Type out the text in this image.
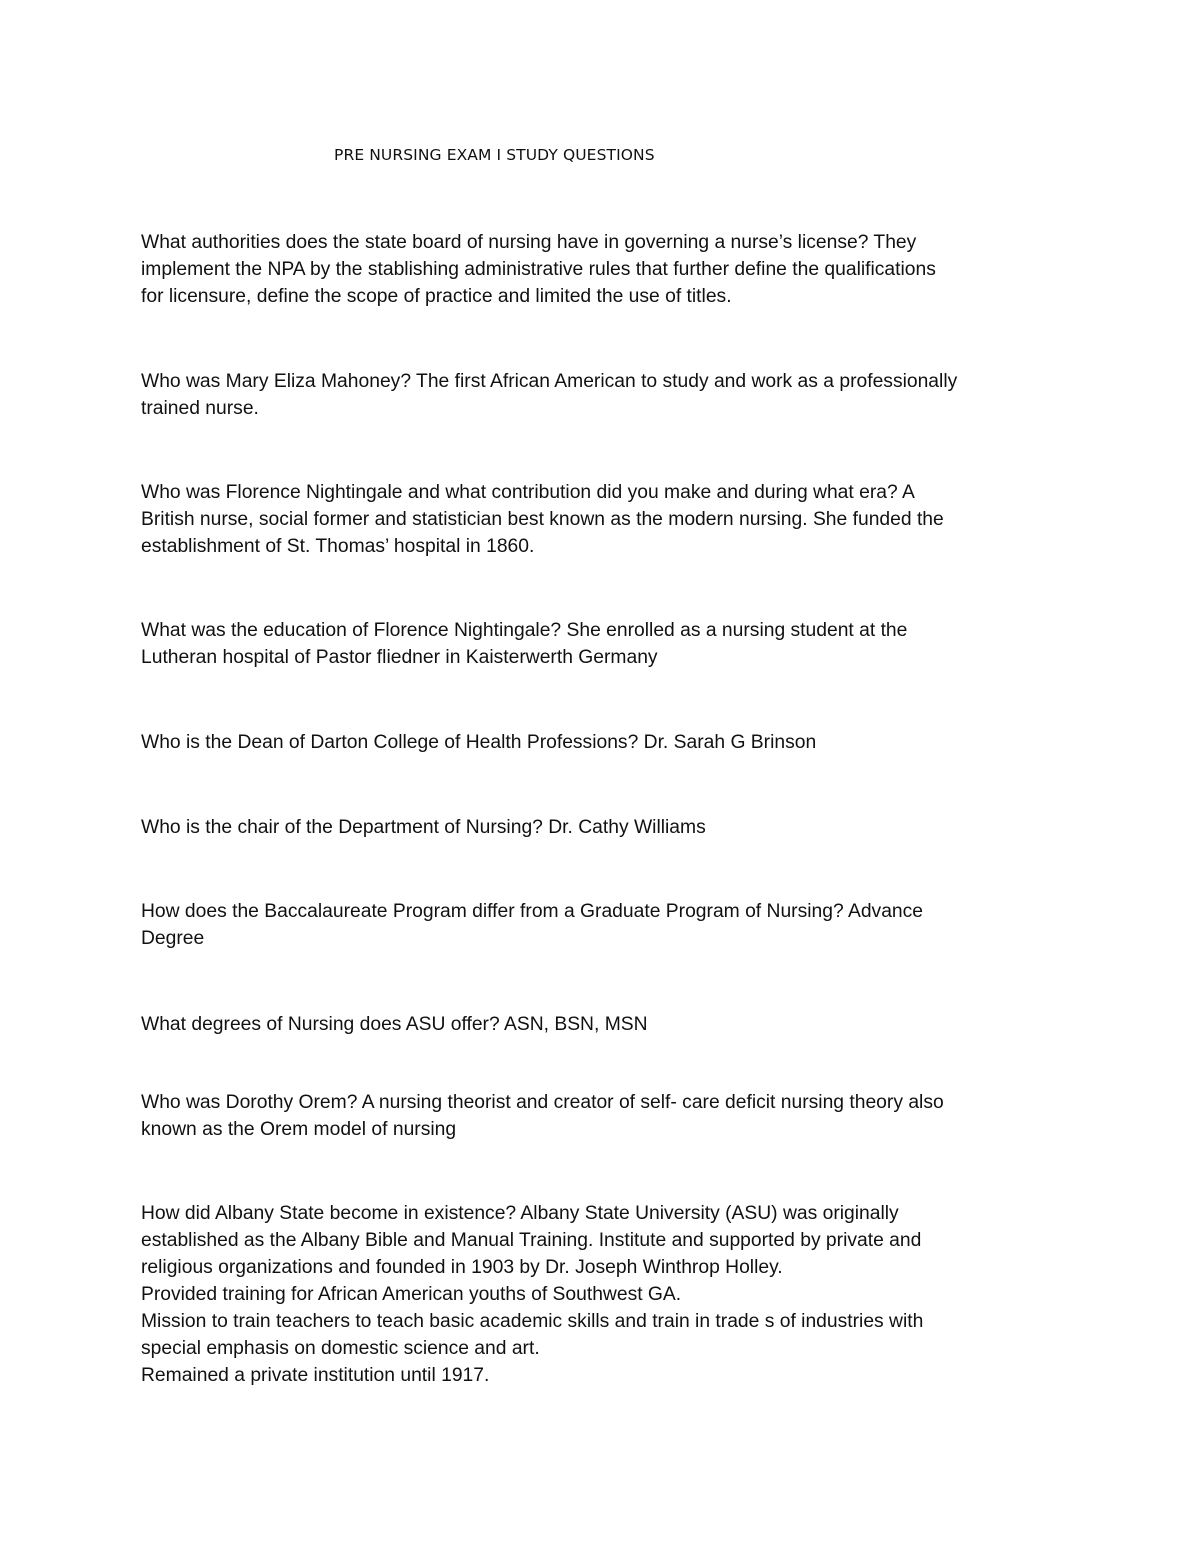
PRE NURSING EXAM I STUDY QUESTIONS
What authorities does the state board of nursing have in governing a nurse’s license? They
implement the NPA by the stablishing administrative rules that further define the qualifications
for licensure, define the scope of practice and limited the use of titles.
Who was Mary Eliza Mahoney? The first African American to study and work as a professionally
trained nurse.
Who was Florence Nightingale and what contribution did you make and during what era? A
British nurse, social former and statistician best known as the modern nursing. She funded the
establishment of St. Thomas’ hospital in 1860.
What was the education of Florence Nightingale? She enrolled as a nursing student at the
Lutheran hospital of Pastor fliedner in Kaisterwerth Germany
Who is the Dean of Darton College of Health Professions? Dr. Sarah G Brinson
Who is the chair of the Department of Nursing? Dr. Cathy Williams
How does the Baccalaureate Program differ from a Graduate Program of Nursing? Advance
Degree
What degrees of Nursing does ASU offer? ASN, BSN, MSN
Who was Dorothy Orem? A nursing theorist and creator of self- care deficit nursing theory also
known as the Orem model of nursing
How did Albany State become in existence? Albany State University (ASU) was originally
established as the Albany Bible and Manual Training. Institute and supported by private and
religious organizations and founded in 1903 by Dr. Joseph Winthrop Holley.
Provided training for African American youths of Southwest GA.
Mission to train teachers to teach basic academic skills and train in trade s of industries with
special emphasis on domestic science and art.
Remained a private institution until 1917.
